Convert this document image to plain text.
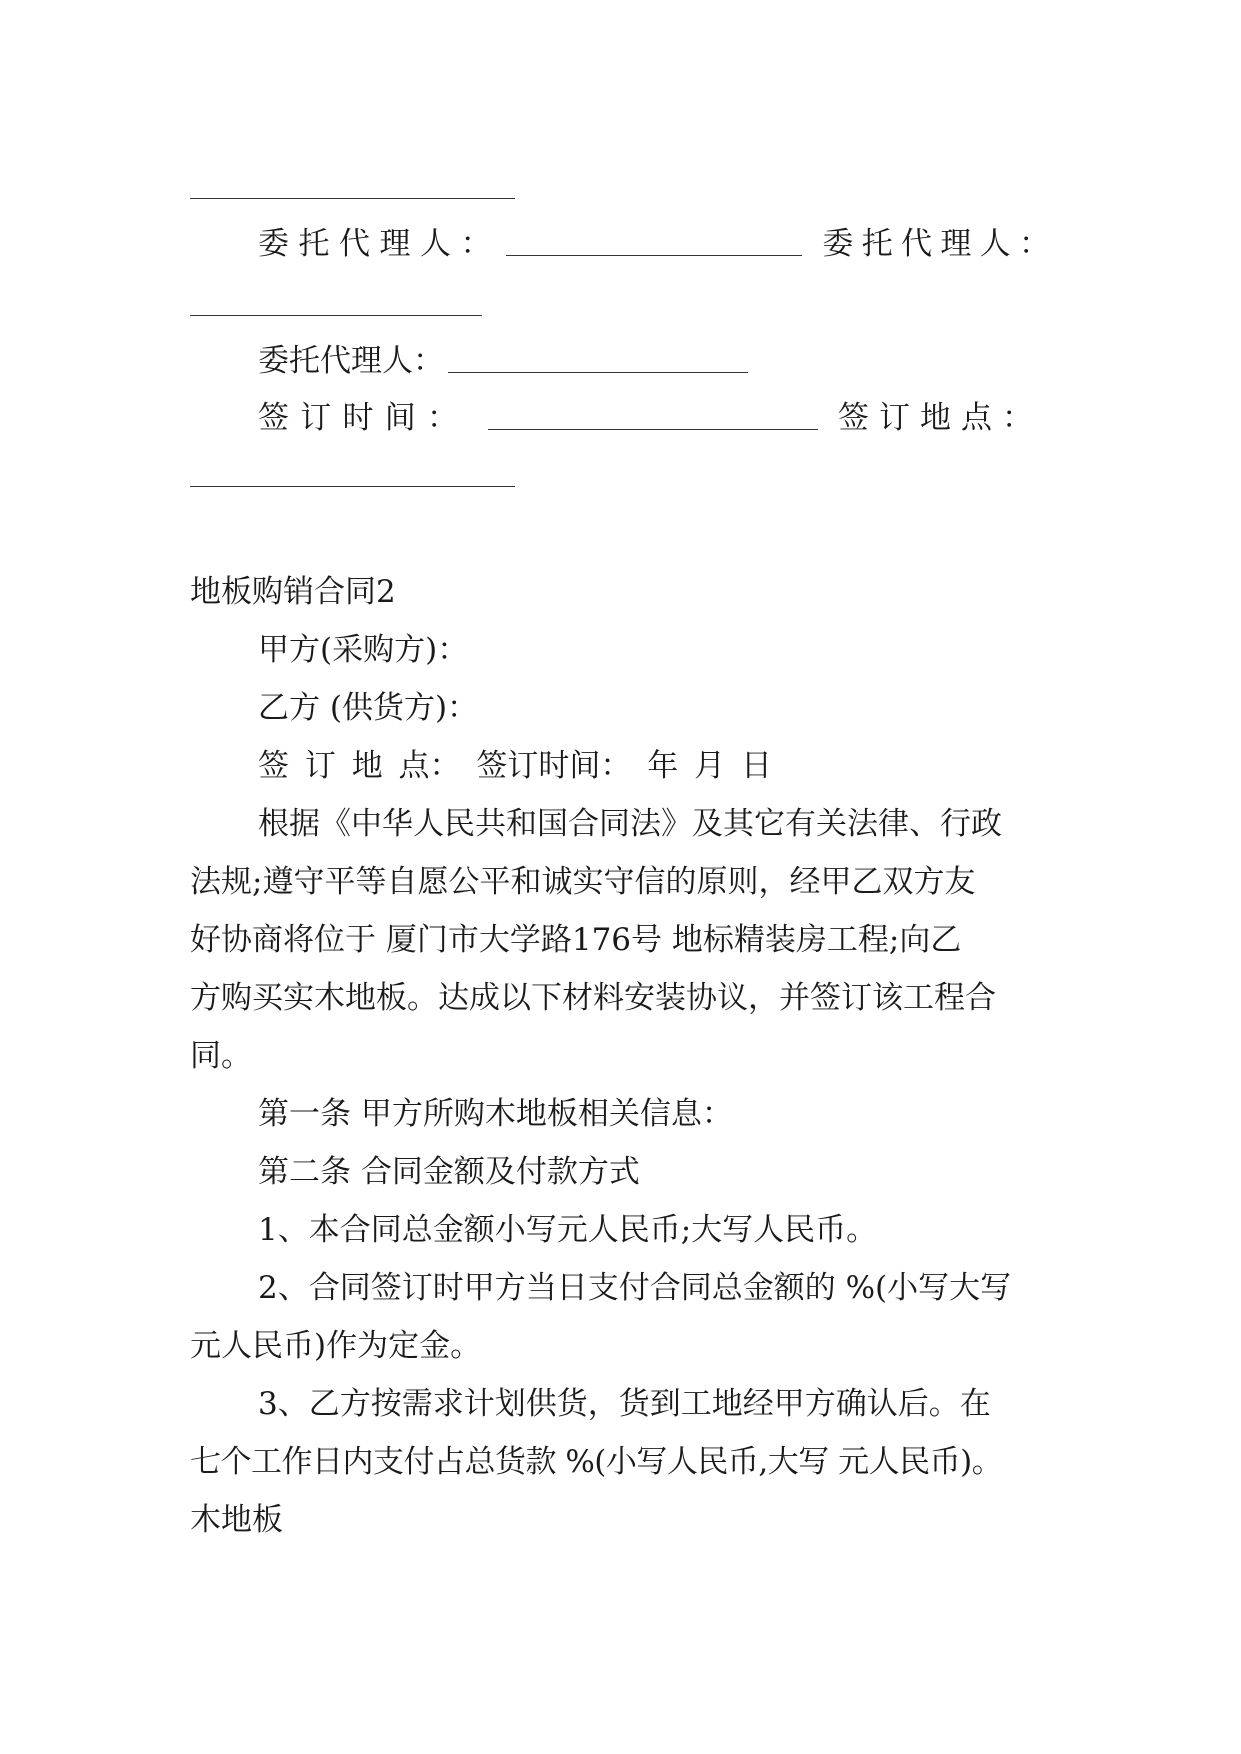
委 托 代 理 人 ：	委 托 代 理 人 ：
委托代理人：
签 订 时 间 ：	签 订 地 点 ：
地板购销合同2
甲方(采购方)：
乙方 (供货方)：
签 订 地 点： 签订时间： 年 月 日
根据《中华人民共和国合同法》及其它有关法律、行政
法规;遵守平等自愿公平和诚实守信的原则，经甲乙双方友
好协商将位于 厦门市大学路176号 地标精装房工程;向乙
方购买实木地板。达成以下材料安装协议，并签订该工程合
同。
第一条 甲方所购木地板相关信息：
第二条 合同金额及付款方式
1、本合同总金额小写元人民币;大写人民币。
2、合同签订时甲方当日支付合同总金额的 %(小写大写
元人民币)作为定金。
3、乙方按需求计划供货，货到工地经甲方确认后。在
七个工作日内支付占总货款 %(小写人民币,大写 元人民币)。
木地板
